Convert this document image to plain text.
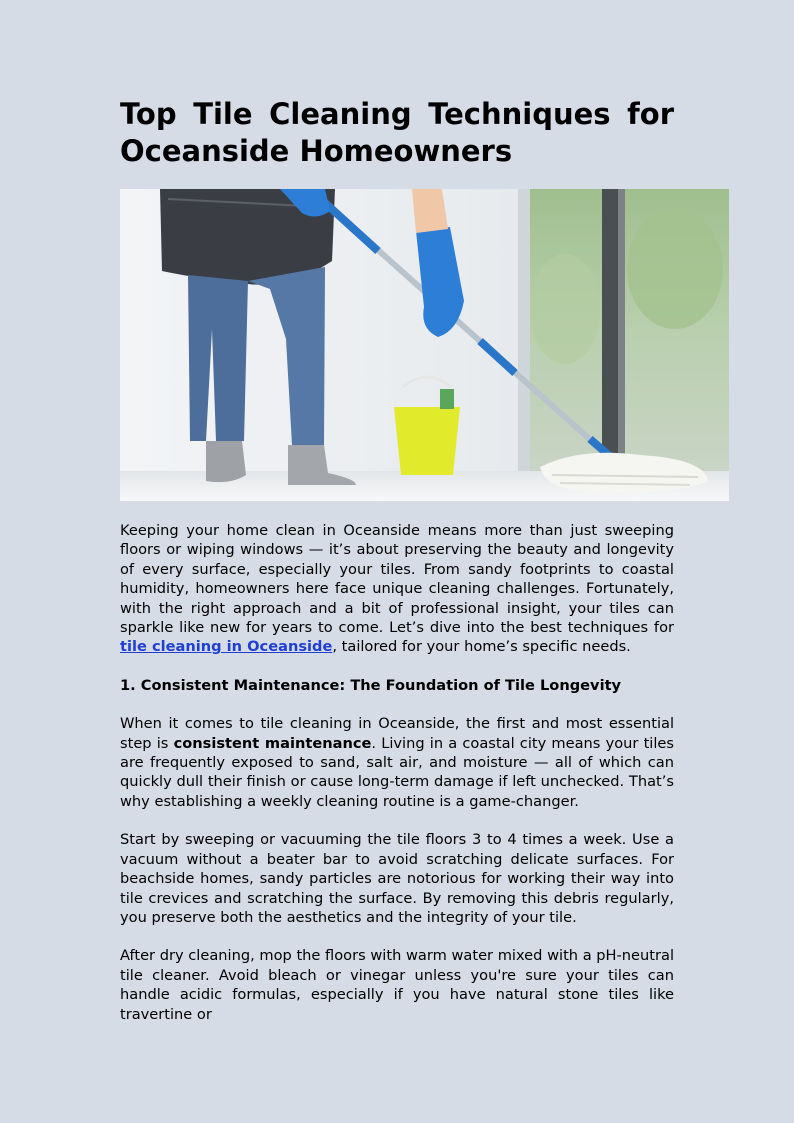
Top Tile Cleaning Techniques for Oceanside Homeowners

Keeping your home clean in Oceanside means more than just sweeping floors or wiping windows — it’s about preserving the beauty and longevity of every surface, especially your tiles. From sandy footprints to coastal humidity, homeowners here face unique cleaning challenges. Fortunately, with the right approach and a bit of professional insight, your tiles can sparkle like new for years to come. Let’s dive into the best techniques for tile cleaning in Oceanside, tailored for your home’s specific needs.

1. Consistent Maintenance: The Foundation of Tile Longevity

When it comes to tile cleaning in Oceanside, the first and most essential step is consistent maintenance. Living in a coastal city means your tiles are frequently exposed to sand, salt air, and moisture — all of which can quickly dull their finish or cause long-term damage if left unchecked. That’s why establishing a weekly cleaning routine is a game-changer.

Start by sweeping or vacuuming the tile floors 3 to 4 times a week. Use a vacuum without a beater bar to avoid scratching delicate surfaces. For beachside homes, sandy particles are notorious for working their way into tile crevices and scratching the surface. By removing this debris regularly, you preserve both the aesthetics and the integrity of your tile.

After dry cleaning, mop the floors with warm water mixed with a pH-neutral tile cleaner. Avoid bleach or vinegar unless you're sure your tiles can handle acidic formulas, especially if you have natural stone tiles like travertine or
